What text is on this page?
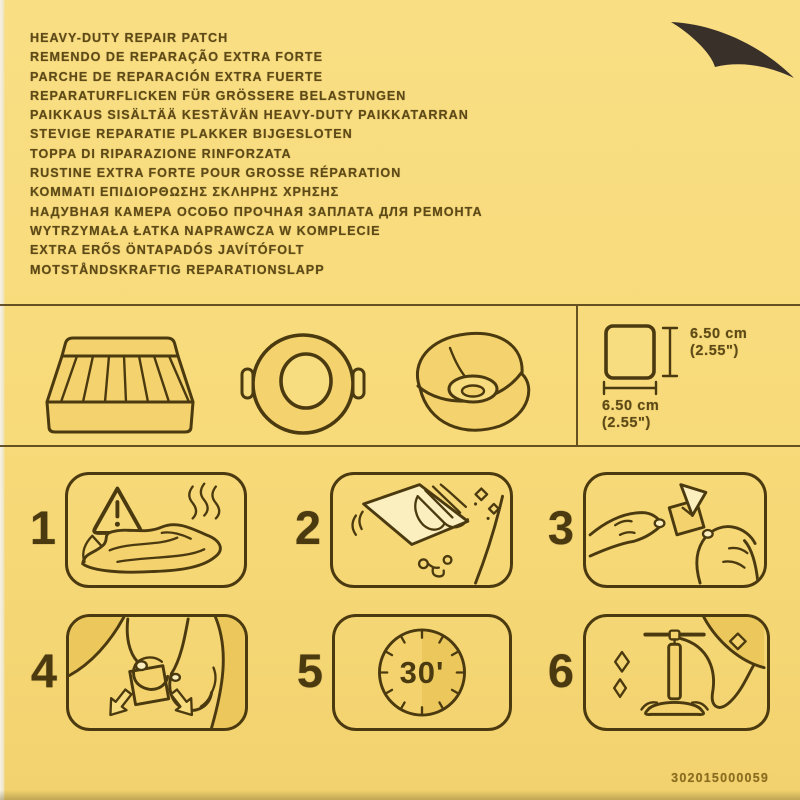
HEAVY-DUTY REPAIR PATCH
REMENDO DE REPARAÇÃO EXTRA FORTE
PARCHE DE REPARACIÓN EXTRA FUERTE
REPARATURFLICKEN FÜR GRÖSSERE BELASTUNGEN
PAIKKAUS SISÄLTÄÄ KESTÄVÄN HEAVY-DUTY PAIKKATARRAN
STEVIGE REPARATIE PLAKKER BIJGESLOTEN
TOPPA DI RIPARAZIONE RINFORZATA
RUSTINE EXTRA FORTE POUR GROSSE RÉPARATION
ΚΟΜΜΑΤΙ ΕΠΙΔΙΟΡΘΩΣΗΣ ΣΚΛΗΡΗΣ ΧΡΗΣΗΣ
НАДУВНАЯ КАМЕРА ОСОБО ПРОЧНАЯ ЗАПЛАТА ДЛЯ РЕМОНТА
WYTRZYMAŁA ŁATKA NAPRAWCZA W KOMPLECIE
EXTRA ERŐS ÖNTAPADÓS JAVÍTÓFOLT
MOTSTÅNDSKRAFTIG REPARATIONSLAPP
6.50 cm
(2.55")
6.50 cm
(2.55")
1	2	3
4	5	30'	6
302015000059
